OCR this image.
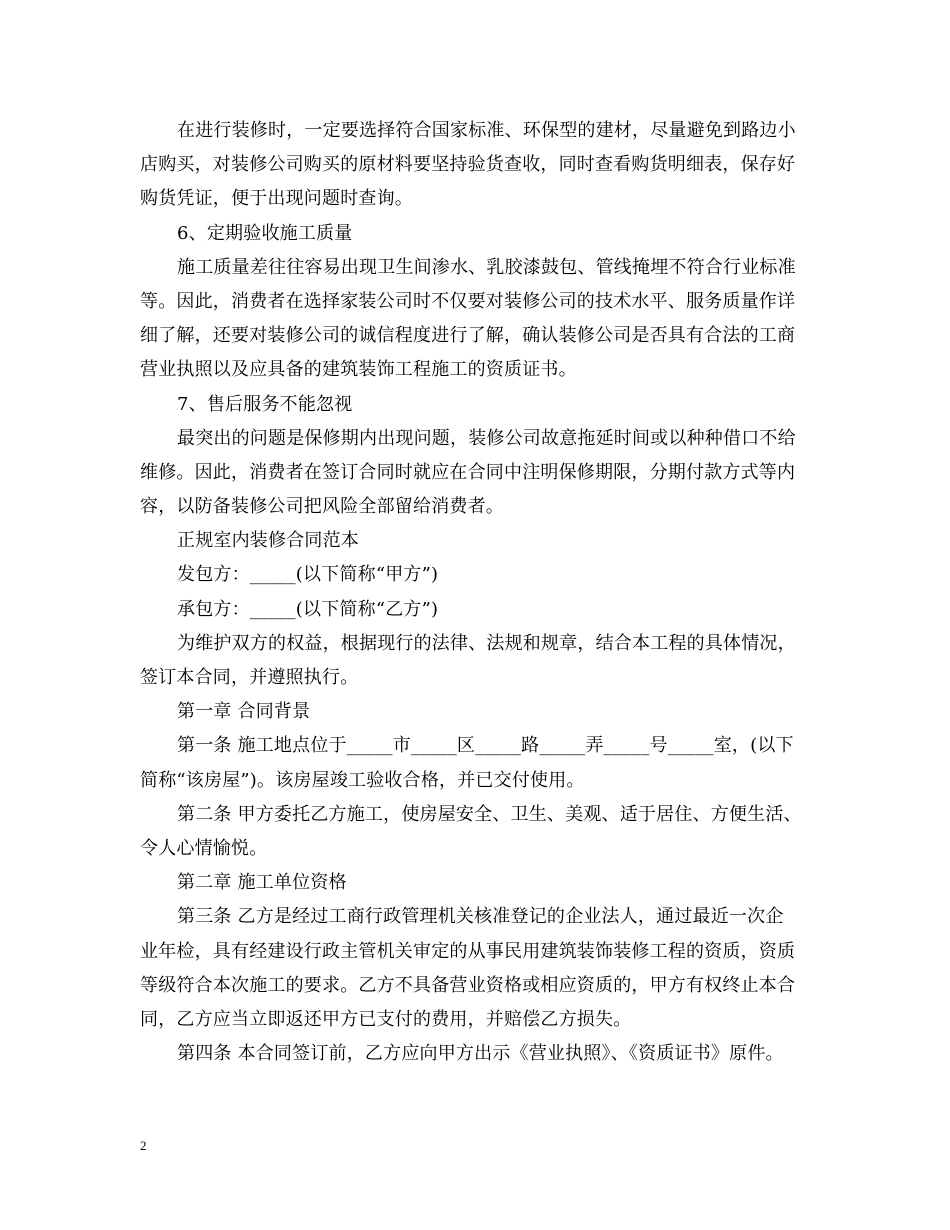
在进行装修时，一定要选择符合国家标准、环保型的建材，尽量避免到路边小
店购买，对装修公司购买的原材料要坚持验货查收，同时查看购货明细表，保存好
购货凭证，便于出现问题时查询。
6、定期验收施工质量
施工质量差往往容易出现卫生间渗水、乳胶漆鼓包、管线掩埋不符合行业标准
等。因此，消费者在选择家装公司时不仅要对装修公司的技术水平、服务质量作详
细了解，还要对装修公司的诚信程度进行了解，确认装修公司是否具有合法的工商
营业执照以及应具备的建筑装饰工程施工的资质证书。
7、售后服务不能忽视
最突出的问题是保修期内出现问题，装修公司故意拖延时间或以种种借口不给
维修。因此，消费者在签订合同时就应在合同中注明保修期限，分期付款方式等内
容，以防备装修公司把风险全部留给消费者。
正规室内装修合同范本
发包方：_____(以下简称“甲方”)
承包方：_____(以下简称“乙方”)
为维护双方的权益，根据现行的法律、法规和规章，结合本工程的具体情况，
签订本合同，并遵照执行。
第一章 合同背景
第一条 施工地点位于_____市_____区_____路_____弄_____号_____室，(以下
简称“该房屋”)。该房屋竣工验收合格，并已交付使用。
第二条 甲方委托乙方施工，使房屋安全、卫生、美观、适于居住、方便生活、
令人心情愉悦。
第二章 施工单位资格
第三条 乙方是经过工商行政管理机关核准登记的企业法人，通过最近一次企
业年检，具有经建设行政主管机关审定的从事民用建筑装饰装修工程的资质，资质
等级符合本次施工的要求。乙方不具备营业资格或相应资质的，甲方有权终止本合
同，乙方应当立即返还甲方已支付的费用，并赔偿乙方损失。
第四条 本合同签订前，乙方应向甲方出示《营业执照》、《资质证书》原件。
2
